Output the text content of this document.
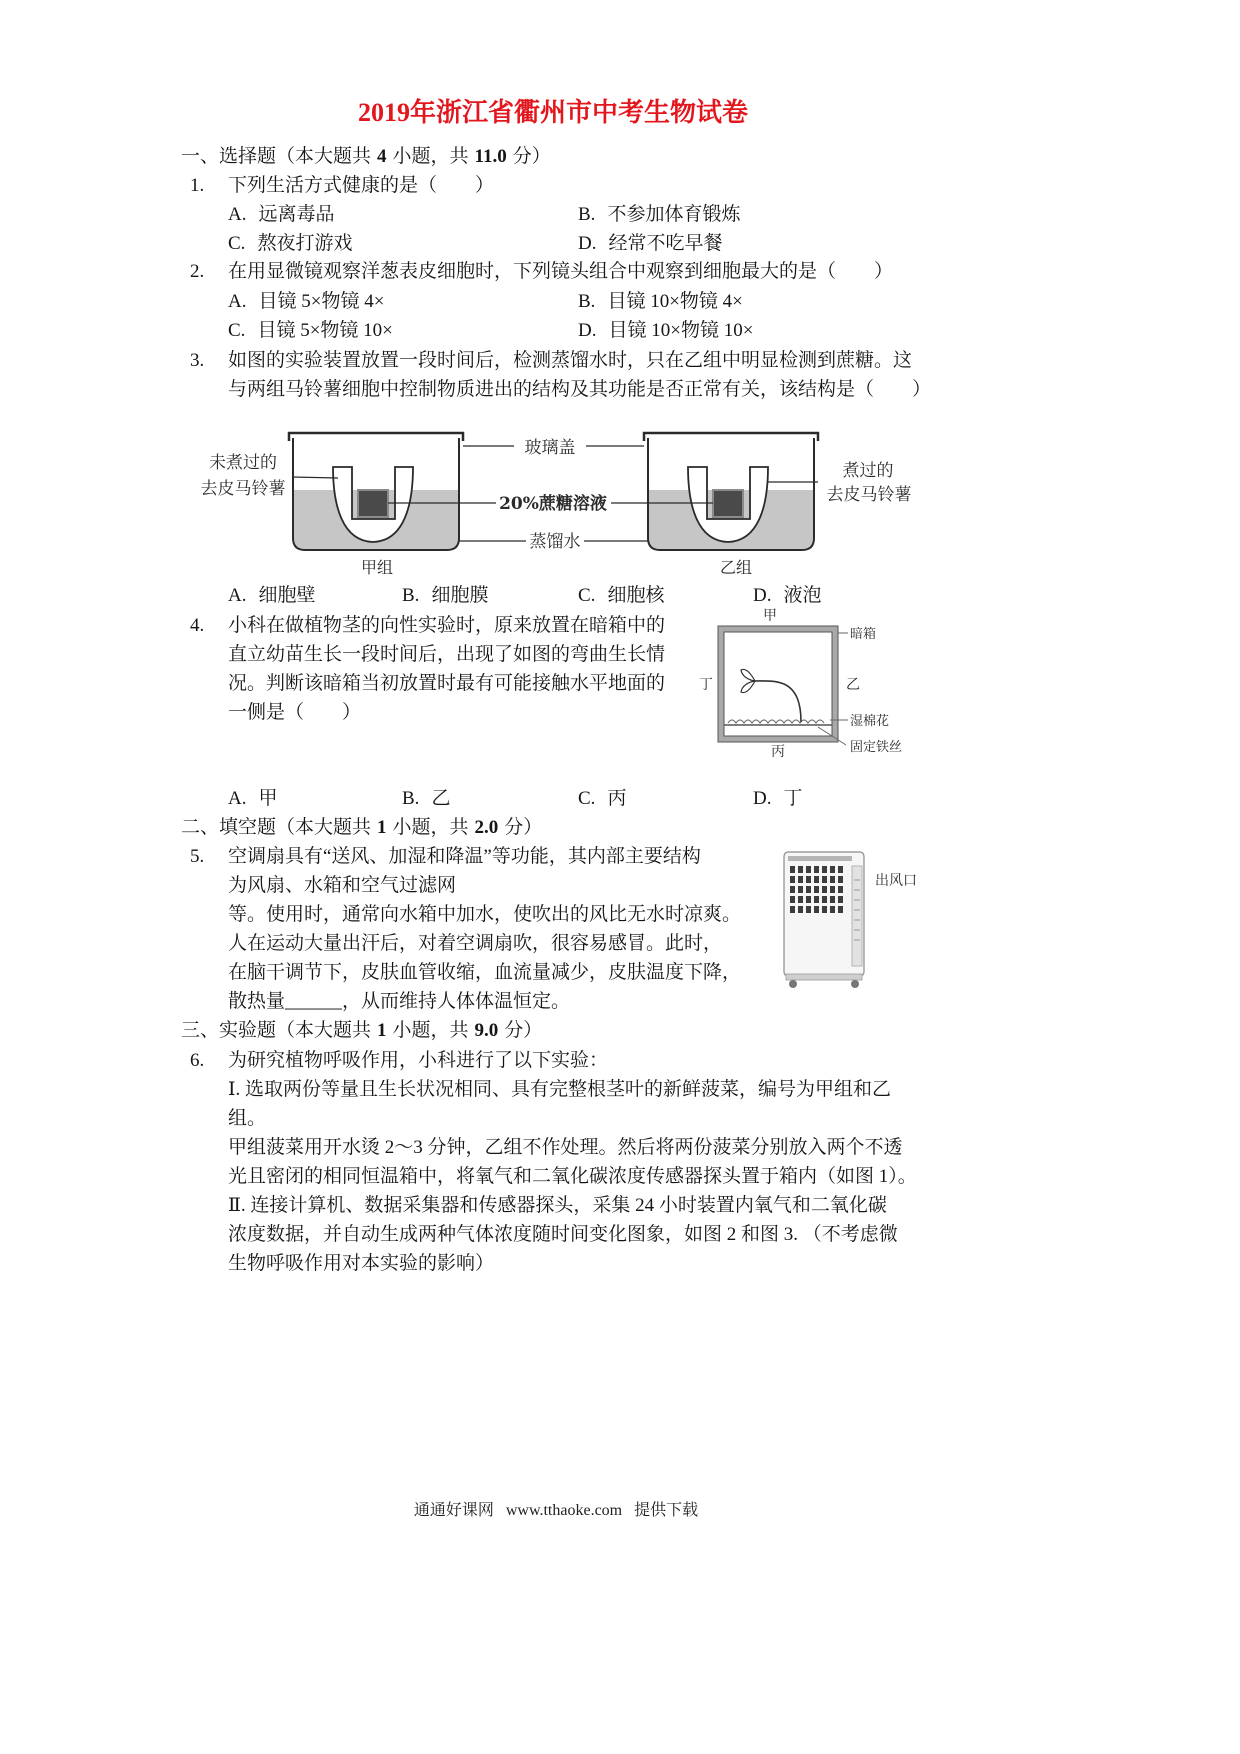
2019年浙江省衢州市中考生物试卷
一、选择题（本大题共 4 小题，共 11.0 分）
1. 下列生活方式健康的是（　　）
A. 远离毒品	B. 不参加体育锻炼
C. 熬夜打游戏	D. 经常不吃早餐
2. 在用显微镜观察洋葱表皮细胞时，下列镜头组合中观察到细胞最大的是（　　）
A. 目镜 5×物镜 4×	B. 目镜 10×物镜 4×
C. 目镜 5×物镜 10×	D. 目镜 10×物镜 10×
3. 如图的实验装置放置一段时间后，检测蒸馏水时，只在乙组中明显检测到蔗糖。这
与两组马铃薯细胞中控制物质进出的结构及其功能是否正常有关，该结构是（　　）
未煮过的
去皮马铃薯
玻璃盖
20%蔗糖溶液
蒸馏水
煮过的
去皮马铃薯
甲组	乙组
A. 细胞壁	B. 细胞膜	C. 细胞核	D. 液泡
4. 小科在做植物茎的向性实验时，原来放置在暗箱中的
直立幼苗生长一段时间后，出现了如图的弯曲生长情
况。判断该暗箱当初放置时最有可能接触水平地面的
一侧是（　　）
甲
乙
丙
丁
暗箱
湿棉花
固定铁丝
A. 甲	B. 乙	C. 丙	D. 丁
二、填空题（本大题共 1 小题，共 2.0 分）
5. 空调扇具有“送风、加湿和降温”等功能，其内部主要结构
为风扇、水箱和空气过滤网
等。使用时，通常向水箱中加水，使吹出的风比无水时凉爽。
人在运动大量出汗后，对着空调扇吹，很容易感冒。此时，
在脑干调节下，皮肤血管收缩，血流量减少，皮肤温度下降，
散热量______，从而维持人体体温恒定。
出风口
三、实验题（本大题共 1 小题，共 9.0 分）
6. 为研究植物呼吸作用，小科进行了以下实验：
Ⅰ. 选取两份等量且生长状况相同、具有完整根茎叶的新鲜菠菜，编号为甲组和乙
组。
甲组菠菜用开水烫 2～3 分钟，乙组不作处理。然后将两份菠菜分别放入两个不透
光且密闭的相同恒温箱中，将氧气和二氧化碳浓度传感器探头置于箱内（如图 1）。
Ⅱ. 连接计算机、数据采集器和传感器探头，采集 24 小时装置内氧气和二氧化碳
浓度数据，并自动生成两种气体浓度随时间变化图象，如图 2 和图 3. （不考虑微
生物呼吸作用对本实验的影响）
通通好课网 www.tthaoke.com 提供下载
